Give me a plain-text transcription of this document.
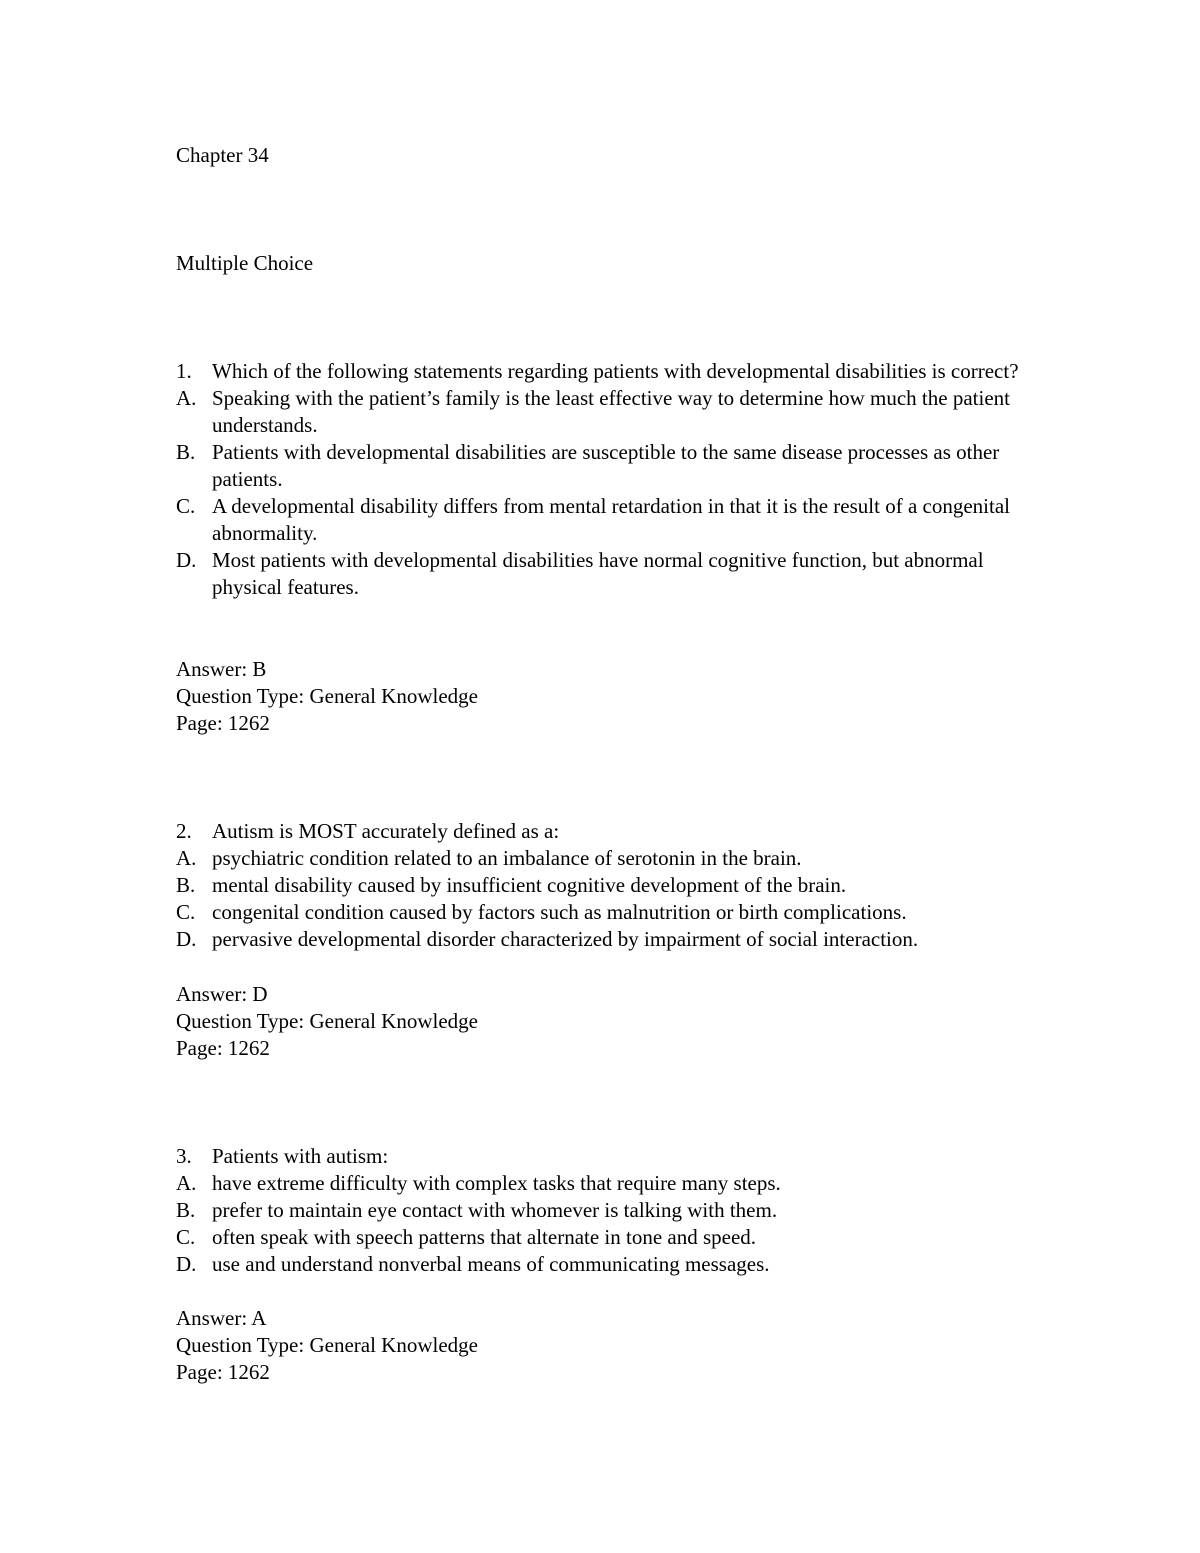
Chapter 34
Multiple Choice
1. Which of the following statements regarding patients with developmental disabilities is correct?
A. Speaking with the patient’s family is the least effective way to determine how much the patient understands.
B. Patients with developmental disabilities are susceptible to the same disease processes as other patients.
C. A developmental disability differs from mental retardation in that it is the result of a congenital abnormality.
D. Most patients with developmental disabilities have normal cognitive function, but abnormal physical features.
Answer: B
Question Type: General Knowledge
Page: 1262
2. Autism is MOST accurately defined as a:
A. psychiatric condition related to an imbalance of serotonin in the brain.
B. mental disability caused by insufficient cognitive development of the brain.
C. congenital condition caused by factors such as malnutrition or birth complications.
D. pervasive developmental disorder characterized by impairment of social interaction.
Answer: D
Question Type: General Knowledge
Page: 1262
3. Patients with autism:
A. have extreme difficulty with complex tasks that require many steps.
B. prefer to maintain eye contact with whomever is talking with them.
C. often speak with speech patterns that alternate in tone and speed.
D. use and understand nonverbal means of communicating messages.
Answer: A
Question Type: General Knowledge
Page: 1262
